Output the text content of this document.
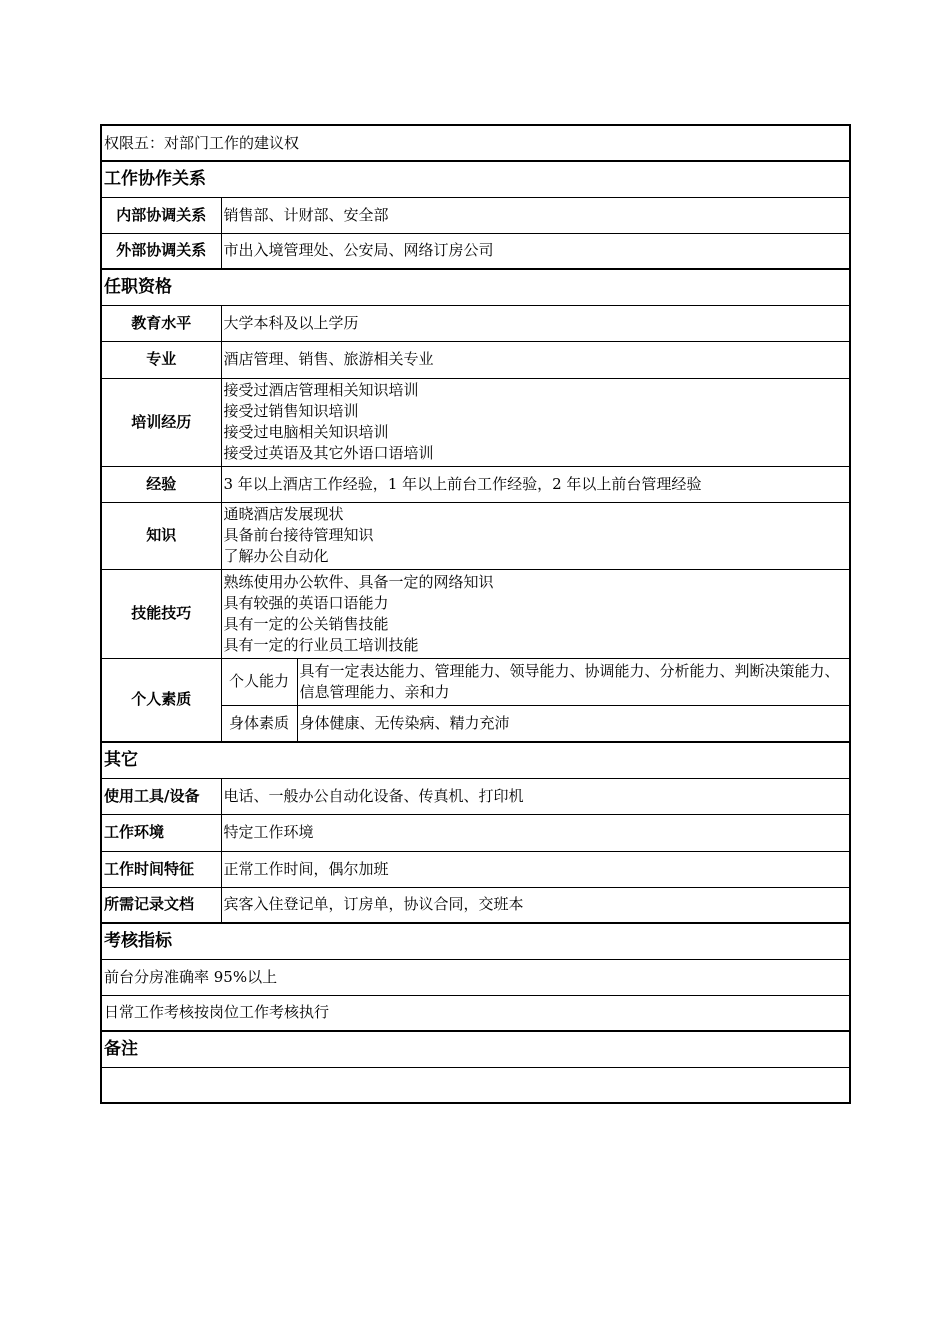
权限五：对部门工作的建议权		
工作协作关系		
内部协调关系	销售部、计财部、安全部	
外部协调关系	市出入境管理处、公安局、网络订房公司	
任职资格		
教育水平	大学本科及以上学历	
专业	酒店管理、销售、旅游相关专业	
培训经历	接受过酒店管理相关知识培训
接受过销售知识培训
接受过电脑相关知识培训
接受过英语及其它外语口语培训	

经验	3 年以上酒店工作经验，1 年以上前台工作经验，2 年以上前台管理经验	
知识	通晓酒店发展现状
具备前台接待管理知识
了解办公自动化	

技能技巧	熟练使用办公软件、具备一定的网络知识
具有较强的英语口语能力
具有一定的公关销售技能
具有一定的行业员工培训技能	

个人素质	个人能力	具有一定表达能力、管理能力、领导能力、协调能力、分析能力、判断决策能力、信息管理能力、亲和力

	身体素质	身体健康、无传染病、精力充沛
其它		
使用工具/设备	电话、一般办公自动化设备、传真机、打印机	
工作环境	特定工作环境	
工作时间特征	正常工作时间，偶尔加班	
所需记录文档	宾客入住登记单，订房单，协议合同，交班本	
考核指标		
前台分房准确率 95%以上		
日常工作考核按岗位工作考核执行		
备注		
